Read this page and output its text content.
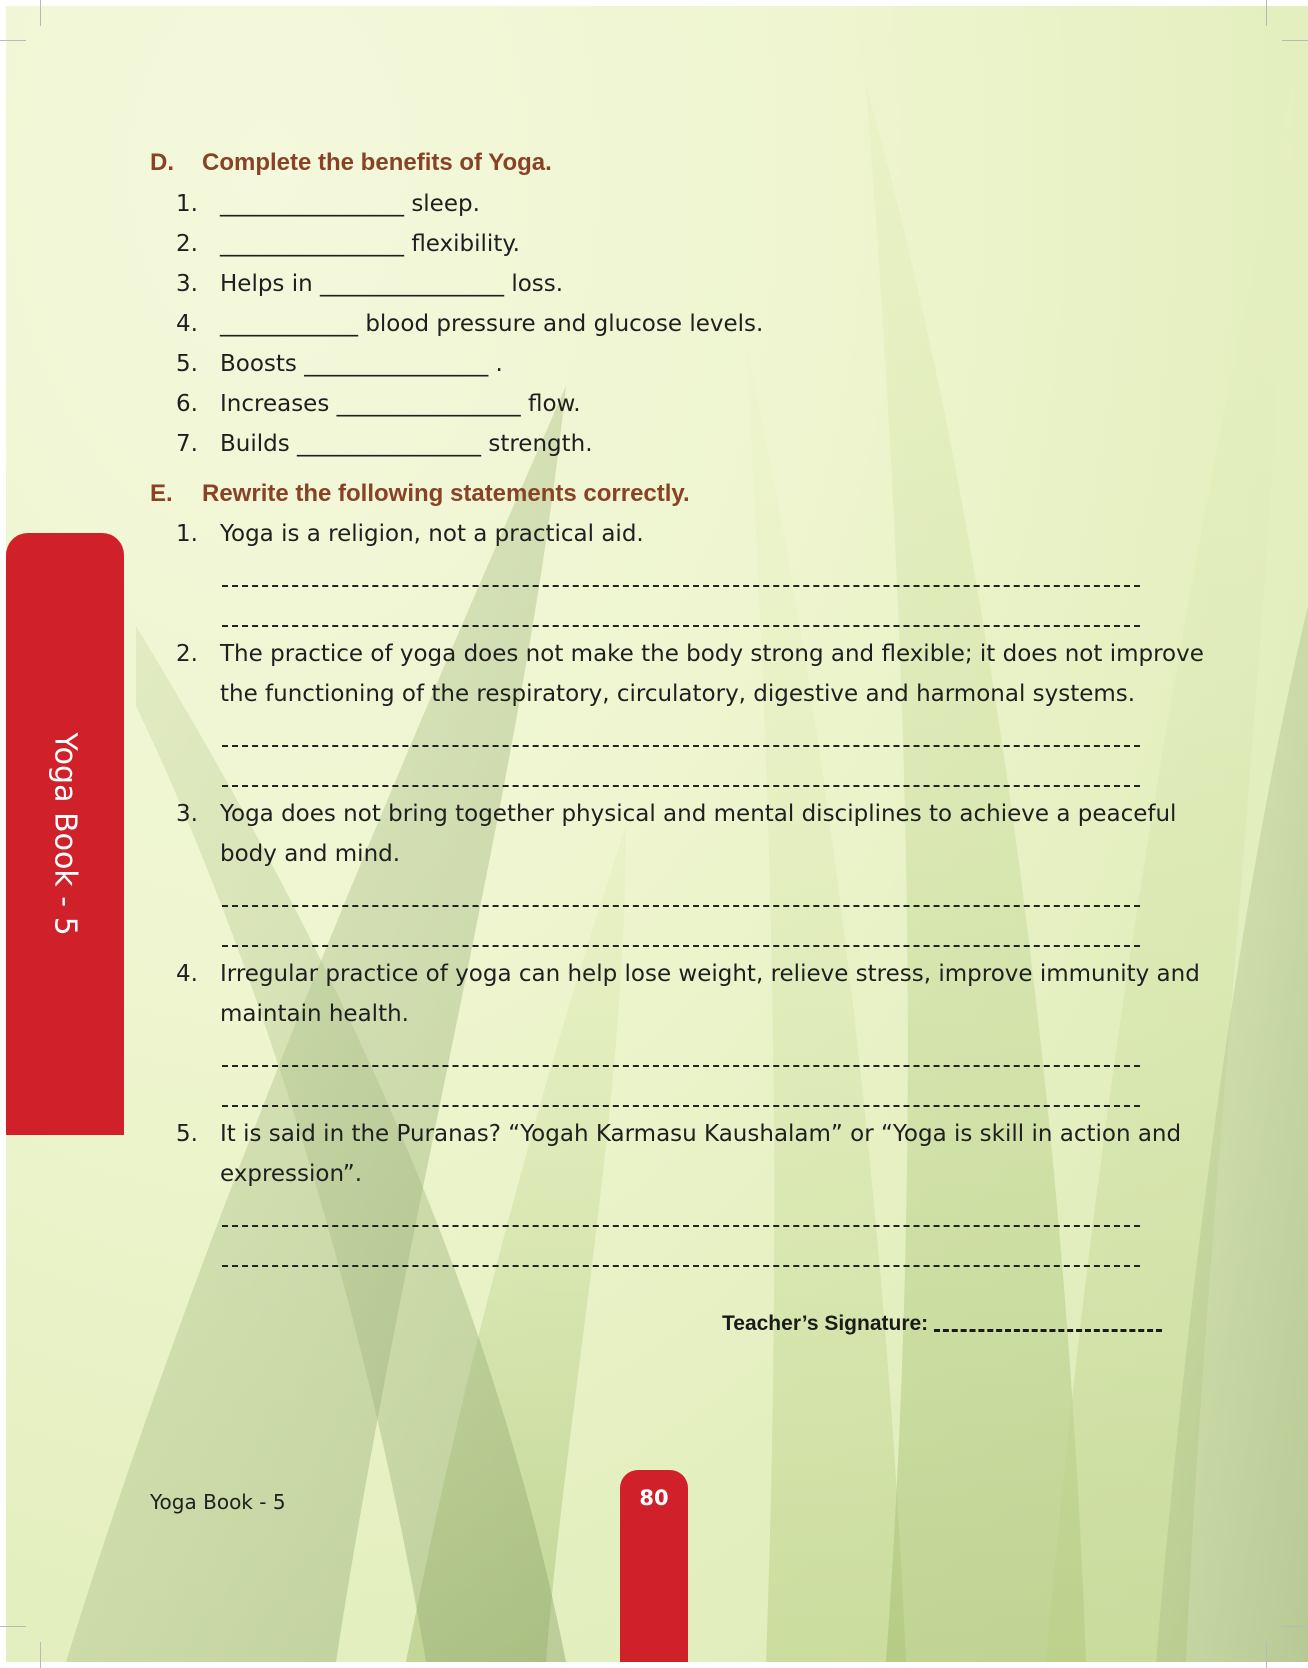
Yoga Book - 5
D. Complete the benefits of Yoga.
1. ________________ sleep.
2. ________________ flexibility.
3. Helps in ________________ loss.
4. ____________ blood pressure and glucose levels.
5. Boosts ________________ .
6. Increases ________________ flow.
7. Builds ________________ strength.
E. Rewrite the following statements correctly.
1. Yoga is a religion, not a practical aid.
2. The practice of yoga does not make the body strong and flexible; it does not improve
the functioning of the respiratory, circulatory, digestive and harmonal systems.
3. Yoga does not bring together physical and mental disciplines to achieve a peaceful
body and mind.
4. Irregular practice of yoga can help lose weight, relieve stress, improve immunity and
maintain health.
5. It is said in the Puranas? “Yogah Karmasu Kaushalam” or “Yoga is skill in action and
expression”.
Teacher’s Signature:
Yoga Book - 5	80
